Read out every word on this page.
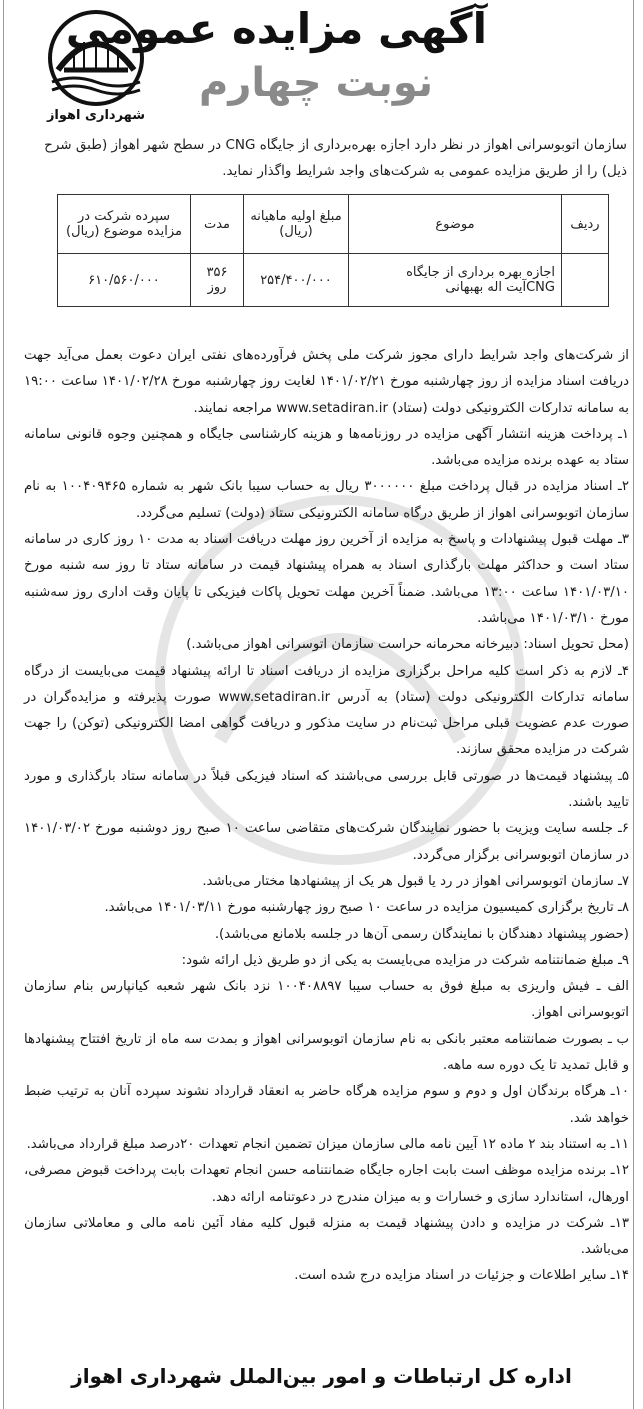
شهرداری اهواز
آگهی مزایده عمومی
نوبت چهارم
سازمان اتوبوسرانی اهواز در نظر دارد اجازه بهره‌برداری از جایگاه CNG در سطح شهر اهواز (طبق شرح ذیل) را از طریق مزایده عمومی به شرکت‌های واجد شرایط واگذار نماید.
ردیف	موضوع	مبلغ اولیه ماهیانه (ریال)	مدت	سپرده شرکت در مزایده موضوع (ریال)
	اجازه بهره برداری از جایگاه CNGآیت اله بهبهانی	۲۵۴/۴۰۰/۰۰۰	۳۵۶ روز	۶۱۰/۵۶۰/۰۰۰

از شرکت‌های واجد شرایط دارای مجوز شرکت ملی پخش فرآورده‌های نفتی ایران دعوت بعمل می‌آید جهت دریافت اسناد مزایده از روز چهارشنبه مورخ ۱۴۰۱/۰۲/۲۱ لغایت روز چهارشنبه مورخ ۱۴۰۱/۰۲/۲۸ ساعت ۱۹:۰۰ به سامانه تدارکات الکترونیکی دولت (ستاد) www.setadiran.ir مراجعه نمایند.

۱ـ پرداخت هزینه انتشار آگهی مزایده در روزنامه‌ها و هزینه کارشناسی جایگاه و همچنین وجوه قانونی سامانه ستاد به عهده برنده مزایده می‌باشد.

۲ـ اسناد مزایده در قبال پرداخت مبلغ ۳۰۰۰۰۰۰ ریال به حساب سیبا بانک شهر به شماره ۱۰۰۴۰۹۴۶۵ به نام سازمان اتوبوسرانی اهواز از طریق درگاه سامانه الکترونیکی ستاد (دولت) تسلیم می‌گردد.

۳ـ مهلت قبول پیشنهادات و پاسخ به مزایده از آخرین روز مهلت دریافت اسناد به مدت ۱۰ روز کاری در سامانه ستاد است و حداکثر مهلت بارگذاری اسناد به همراه پیشنهاد قیمت در سامانه ستاد تا روز سه شنبه مورخ ۱۴۰۱/۰۳/۱۰ ساعت ۱۳:۰۰ می‌باشد. ضمناً آخرین مهلت تحویل پاکات فیزیکی تا پایان وقت اداری روز سه‌شنبه مورخ ۱۴۰۱/۰۳/۱۰ می‌باشد.

(محل تحویل اسناد: دبیرخانه محرمانه حراست سازمان اتوسرانی اهواز می‌باشد.)

۴ـ لازم به ذکر است کلیه مراحل برگزاری مزایده از دریافت اسناد تا ارائه پیشنهاد قیمت می‌بایست از درگاه سامانه تدارکات الکترونیکی دولت (ستاد) به آدرس www.setadiran.ir صورت پذیرفته و مزایده‌گران در صورت عدم عضویت قبلی مراحل ثبت‌نام در سایت مذکور و دریافت گواهی امضا الکترونیکی (توکن) را جهت شرکت در مزایده محقق سازند.

۵ـ پیشنهاد قیمت‌ها در صورتی قابل بررسی می‌باشند که اسناد فیزیکی قبلاً در سامانه ستاد بارگذاری و مورد تایید باشند.

۶ـ جلسه سایت ویزیت با حضور نمایندگان شرکت‌های متقاضی ساعت ۱۰ صبح روز دوشنبه مورخ ۱۴۰۱/۰۳/۰۲ در سازمان اتوبوسرانی برگزار می‌گردد.

۷ـ سازمان اتوبوسرانی اهواز در رد یا قبول هر یک از پیشنهادها مختار می‌باشد.

۸ـ تاریخ برگزاری کمیسیون مزایده در ساعت ۱۰ صبح روز چهارشنبه مورخ ۱۴۰۱/۰۳/۱۱ می‌باشد.

(حضور پیشنهاد دهندگان با نمایندگان رسمی آن‌ها در جلسه بلامانع می‌باشد).

۹ـ مبلغ ضمانتنامه شرکت در مزایده می‌بایست به یکی از دو طریق ذیل ارائه شود:

الف ـ فیش واریزی به مبلغ فوق به حساب سیبا ۱۰۰۴۰۸۸۹۷ نزد بانک شهر شعبه کیانپارس بنام سازمان اتوبوسرانی اهواز.

ب ـ بصورت ضمانتنامه معتبر بانکی به نام سازمان اتوبوسرانی اهواز و بمدت سه ماه از تاریخ افتتاح پیشنهادها و قابل تمدید تا یک دوره سه ماهه.

۱۰ـ هرگاه برندگان اول و دوم و سوم مزایده هرگاه حاضر به انعقاد قرارداد نشوند سپرده آنان به ترتیب ضبط خواهد شد.

۱۱ـ به استناد بند ۲ ماده ۱۲ آیین نامه مالی سازمان میزان تضمین انجام تعهدات ۲۰درصد مبلغ قرارداد می‌باشد.

۱۲ـ برنده مزایده موظف است بابت اجاره جایگاه ضمانتنامه حسن انجام تعهدات بابت پرداخت قبوض مصرفی، اورهال، استاندارد سازی و خسارات و به میزان مندرج در دعوتنامه ارائه دهد.

۱۳ـ شرکت در مزایده و دادن پیشنهاد قیمت به منزله قبول کلیه مفاد آئین نامه مالی و معاملاتی سازمان می‌باشد.

۱۴ـ سایر اطلاعات و جزئیات در اسناد مزایده درج شده است.

اداره کل ارتباطات و امور بین‌الملل شهرداری اهواز
